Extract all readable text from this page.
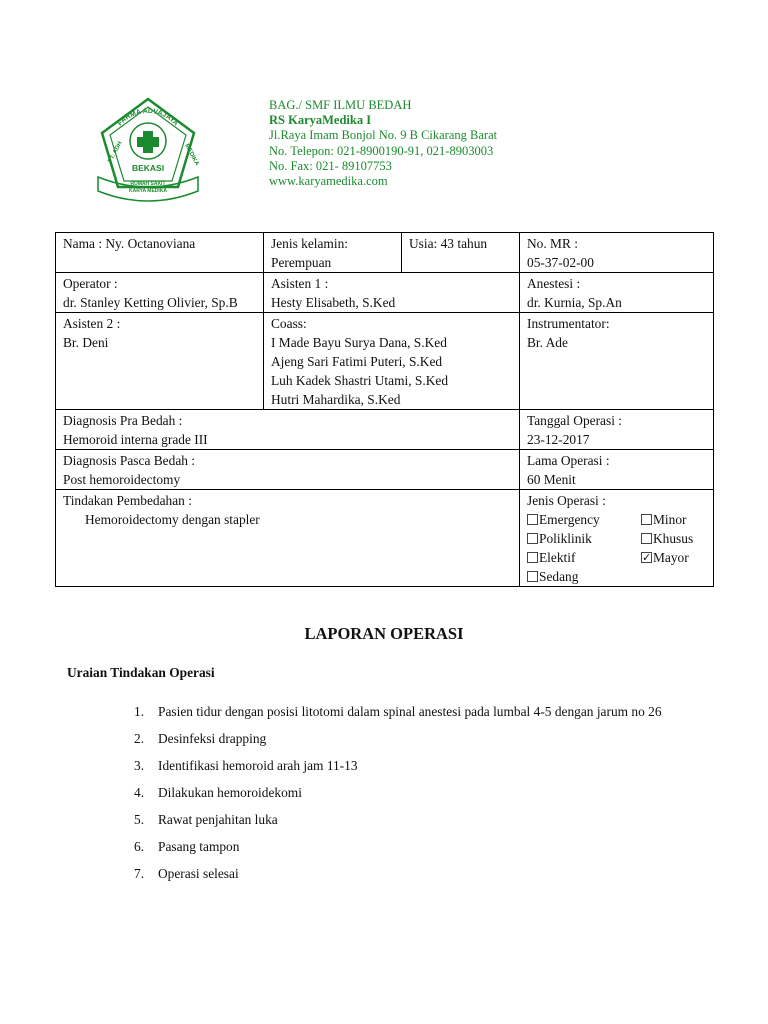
FARMA ADVAJAYA
PT. ADH	MEDIKA
BEKASI
RUMAH SAKIT
KARYA MEDIKA
BAG./ SMF ILMU BEDAH
RS KaryaMedika I
Jl.Raya Imam Bonjol No. 9 B Cikarang Barat
No. Telepon: 021-8900190-91, 021-8903003
No. Fax: 021- 89107753
www.karyamedika.com
Nama : Ny. Octanoviana	Jenis kelamin:
Perempuan
	Usia: 43 tahun	No. MR :
05-37-02-00

Operator :
dr. Stanley Ketting Olivier, Sp.B

Asisten 1 :
Hesty Elisabeth, S.Ked

Anestesi :
dr. Kurnia, Sp.An

Asisten 2 :
Br. Deni

Coass:
I Made Bayu Surya Dana, S.Ked
Ajeng Sari Fatimi Puteri, S.Ked
Luh Kadek Shastri Utami, S.Ked
Hutri Mahardika, S.Ked

Instrumentator:
Br. Ade

Diagnosis Pra Bedah :
Hemoroid interna grade III

Tanggal Operasi :
23-12-2017

Diagnosis Pasca Bedah :
Post hemoroidectomy

Lama Operasi :
60 Menit

Tindakan Pembedahan :
Hemoroidectomy dengan stapler

Jenis Operasi :
Emergency	Minor
Poliklinik	Khusus
Elektif
✓	Mayor
Sedang
LAPORAN OPERASI
Uraian Tindakan Operasi
1. Pasien tidur dengan posisi litotomi dalam spinal anestesi pada lumbal 4-5 dengan jarum no 26
2. Desinfeksi drapping
3. Identifikasi hemoroid arah jam 11-13
4. Dilakukan hemoroidekomi
5. Rawat penjahitan luka
6. Pasang tampon
7. Operasi selesai
